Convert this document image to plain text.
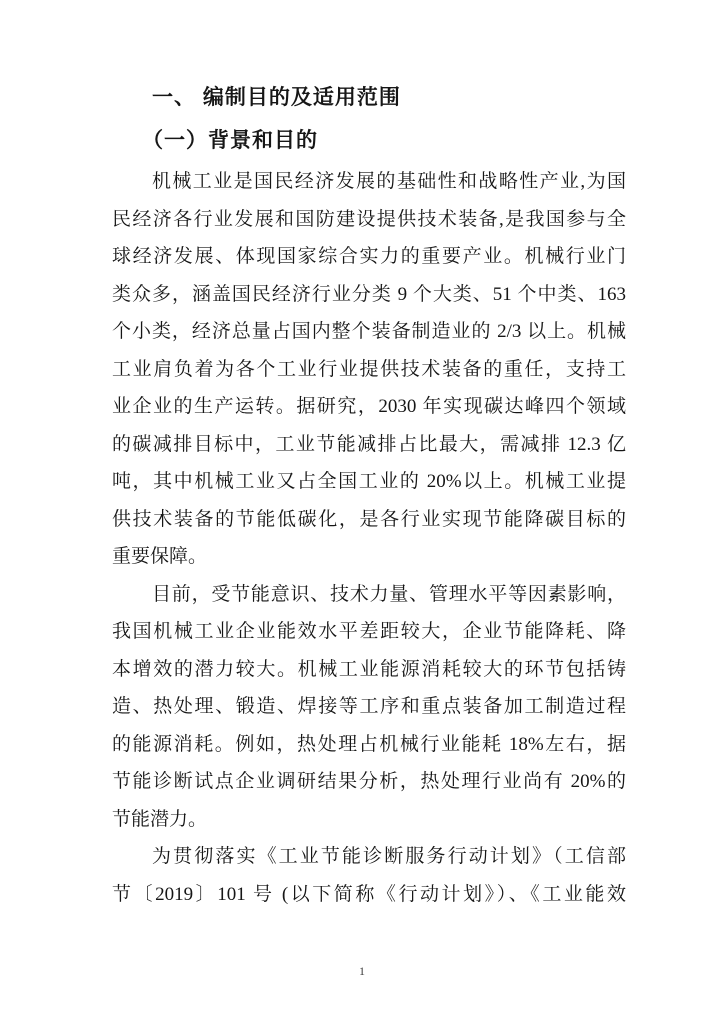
一、 编制目的及适用范围
（一）背景和目的
机械工业是国民经济发展的基础性和战略性产业,为国
民经济各行业发展和国防建设提供技术装备,是我国参与全
球经济发展、体现国家综合实力的重要产业。机械行业门
类众多，涵盖国民经济行业分类 9 个大类、51 个中类、163
个小类，经济总量占国内整个装备制造业的 2/3 以上。机械
工业肩负着为各个工业行业提供技术装备的重任，支持工
业企业的生产运转。据研究，2030 年实现碳达峰四个领域
的碳减排目标中，工业节能减排占比最大，需减排 12.3 亿
吨，其中机械工业又占全国工业的 20%以上。机械工业提
供技术装备的节能低碳化，是各行业实现节能降碳目标的
重要保障。
目前，受节能意识、技术力量、管理水平等因素影响，
我国机械工业企业能效水平差距较大，企业节能降耗、降
本增效的潜力较大。机械工业能源消耗较大的环节包括铸
造、热处理、锻造、焊接等工序和重点装备加工制造过程
的能源消耗。例如，热处理占机械行业能耗 18%左右，据
节能诊断试点企业调研结果分析，热处理行业尚有 20%的
节能潜力。
为贯彻落实《工业节能诊断服务行动计划》（工信部
节〔2019〕101 号 (以下简称《行动计划》）、《工业能效
1
